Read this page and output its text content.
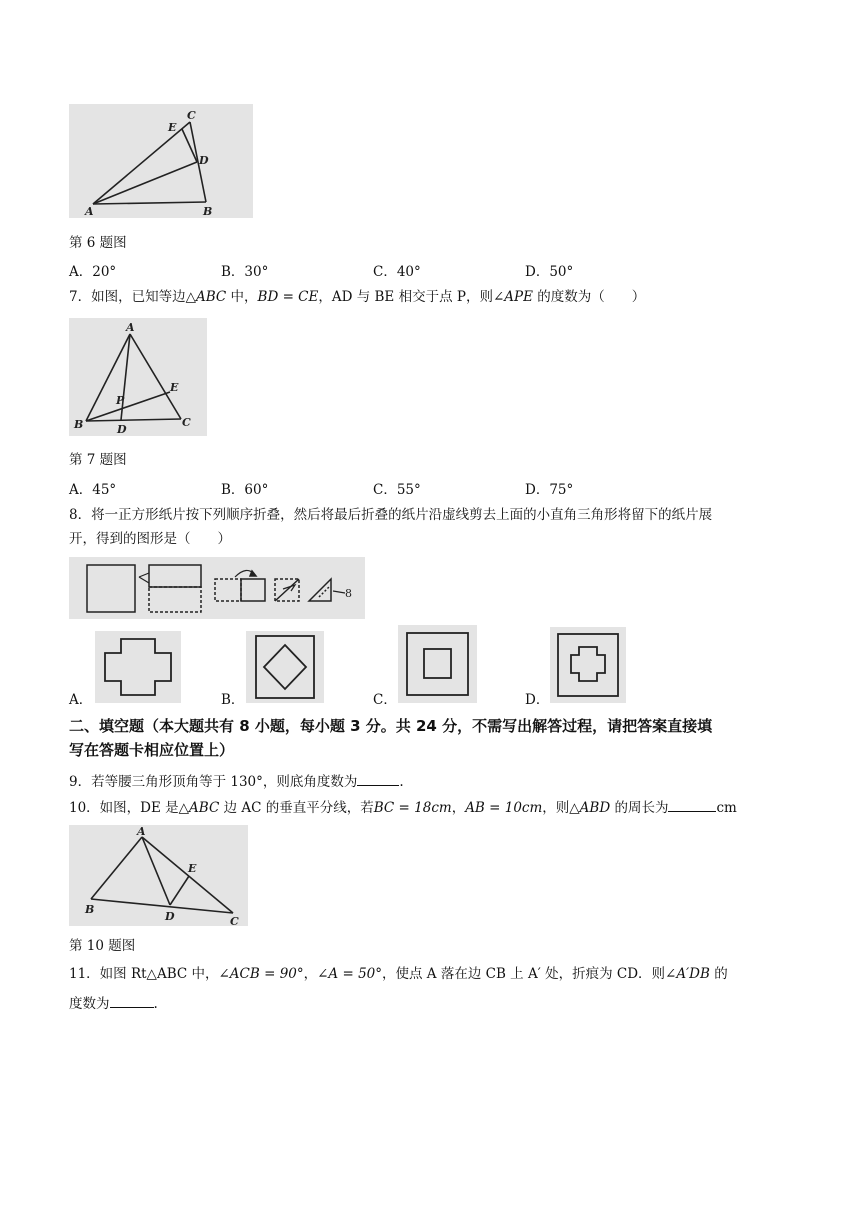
A	B
C
D
E
第 6 题图
A．20°	B．30°	C．40°	D．50°
7．如图，已知等边△ABC 中，BD = CE，AD 与 BE 相交于点 P，则∠APE 的度数为（　　）
A
B	C
D
E
P
第 7 题图
A．45°	B．60°	C．55°	D．75°
8．将一正方形纸片按下列顺序折叠，然后将最后折叠的纸片沿虚线剪去上面的小直角三角形将留下的纸片展
开，得到的图形是（　　）
8
A．	B．	C．	D．
二、填空题（本大题共有 8 小题，每小题 3 分。共 24 分，不需写出解答过程，请把答案直接填
写在答题卡相应位置上）
9．若等腰三角形顶角等于 130°，则底角度数为	.
10．如图，DE 是△ABC 边 AC 的垂直平分线，若BC = 18cm，AB = 10cm，则△ABD 的周长为	cm
A
B
C
D
E
第 10 题图
11．如图 Rt△ABC 中，∠ACB = 90°，∠A = 50°，使点 A 落在边 CB 上 A′ 处，折痕为 CD．则∠A′DB 的
度数为	.
